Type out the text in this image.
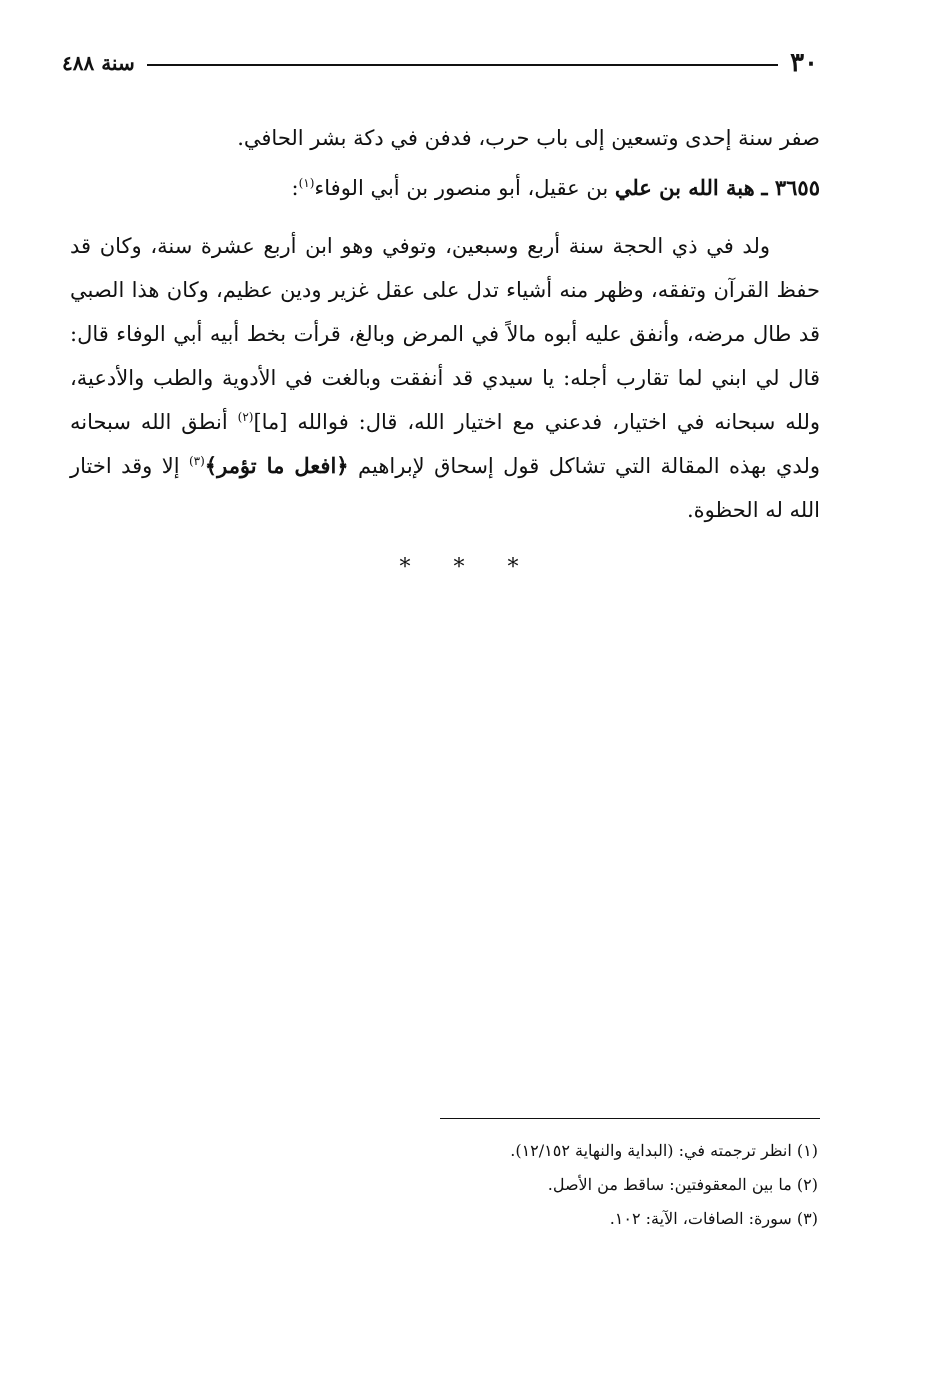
٣٠
سنة ٤٨٨

صفر سنة إحدى وتسعين إلى باب حرب، فدفن في دكة بشر الحافي.

٣٦٥٥ ـ هبة الله بن علي بن عقيل، أبو منصور بن أبي الوفاء$^{(١)}$:

ولد في ذي الحجة سنة أربع وسبعين، وتوفي وهو ابن أربع عشرة سنة، وكان قد حفظ القرآن وتفقه، وظهر منه أشياء تدل على عقل غزير ودين عظيم، وكان هذا الصبي قد طال مرضه، وأنفق عليه أبوه مالاً في المرض وبالغ، قرأت بخط أبيه أبي الوفاء قال: قال لي ابني لما تقارب أجله: يا سيدي قد أنفقت وبالغت في الأدوية والطب والأدعية، ولله سبحانه في اختيار، فدعني مع اختيار الله، قال: فوالله [ما]$^{(٢)}$ أنطق الله سبحانه ولدي بهذه المقالة التي تشاكل قول إسحاق لإبراهيم ﴿افعل ما تؤمر﴾$^{(٣)}$ إلا وقد اختار الله له الحظوة.

* * *
(١) انظر ترجمته في: (البداية والنهاية ١٢/١٥٢).
(٢) ما بين المعقوفتين: ساقط من الأصل.
(٣) سورة: الصافات، الآية: ١٠٢.
